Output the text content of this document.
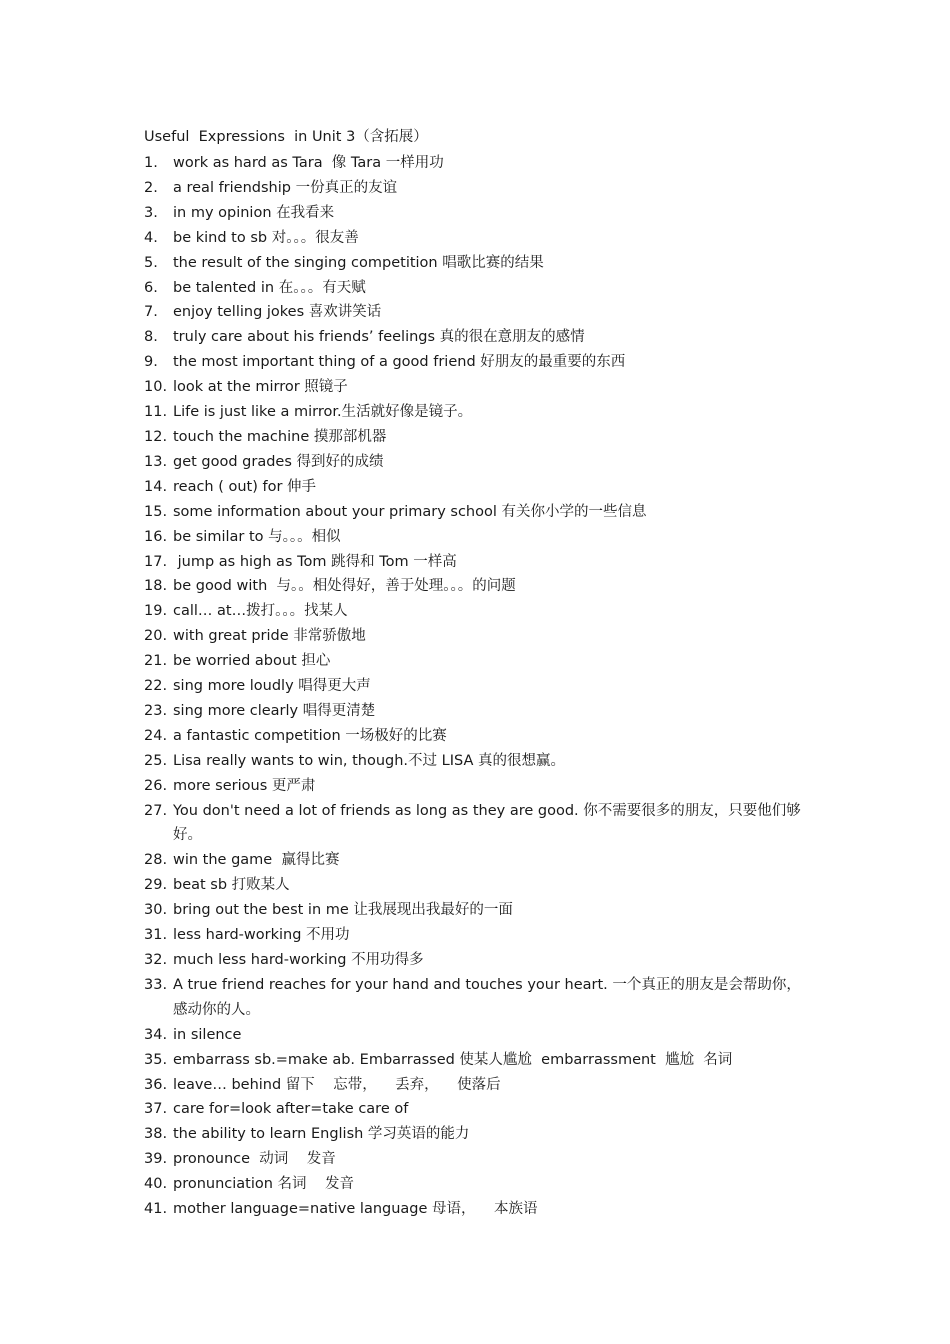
Useful  Expressions  in Unit 3（含拓展）
1. work as hard as Tara  像 Tara 一样用功
2. a real friendship 一份真正的友谊
3. in my opinion 在我看来
4. be kind to sb 对。。。很友善
5. the result of the singing competition 唱歌比赛的结果
6. be talented in 在。。。有天赋
7. enjoy telling jokes 喜欢讲笑话
8. truly care about his friends’ feelings 真的很在意朋友的感情
9. the most important thing of a good friend 好朋友的最重要的东西
10. look at the mirror 照镜子
11. Life is just like a mirror.生活就好像是镜子。
12. touch the machine 摸那部机器
13. get good grades 得到好的成绩
14. reach ( out) for 伸手
15. some information about your primary school 有关你小学的一些信息
16. be similar to 与。。。相似
17. jump as high as Tom 跳得和 Tom 一样高
18. be good with  与。。相处得好，善于处理。。。的问题
19. call… at…拨打。。。找某人
20. with great pride 非常骄傲地
21. be worried about 担心
22. sing more loudly 唱得更大声
23. sing more clearly 唱得更清楚
24. a fantastic competition 一场极好的比赛
25. Lisa really wants to win, though.不过 LISA 真的很想赢。
26. more serious 更严肃
27. You don't need a lot of friends as long as they are good. 你不需要很多的朋友，只要他们够好。
28. win the game  赢得比赛
29. beat sb 打败某人
30. bring out the best in me 让我展现出我最好的一面
31. less hard-working 不用功
32. much less hard-working 不用功得多
33. A true friend reaches for your hand and touches your heart. 一个真正的朋友是会帮助你，感动你的人。
34. in silence
35. embarrass sb.=make ab. Embarrassed 使某人尴尬  embarrassment  尴尬  名词
36. leave… behind 留下    忘带，    丢弃，    使落后
37. care for=look after=take care of
38. the ability to learn English 学习英语的能力
39. pronounce  动词    发音
40. pronunciation 名词    发音
41. mother language=native language 母语，    本族语
